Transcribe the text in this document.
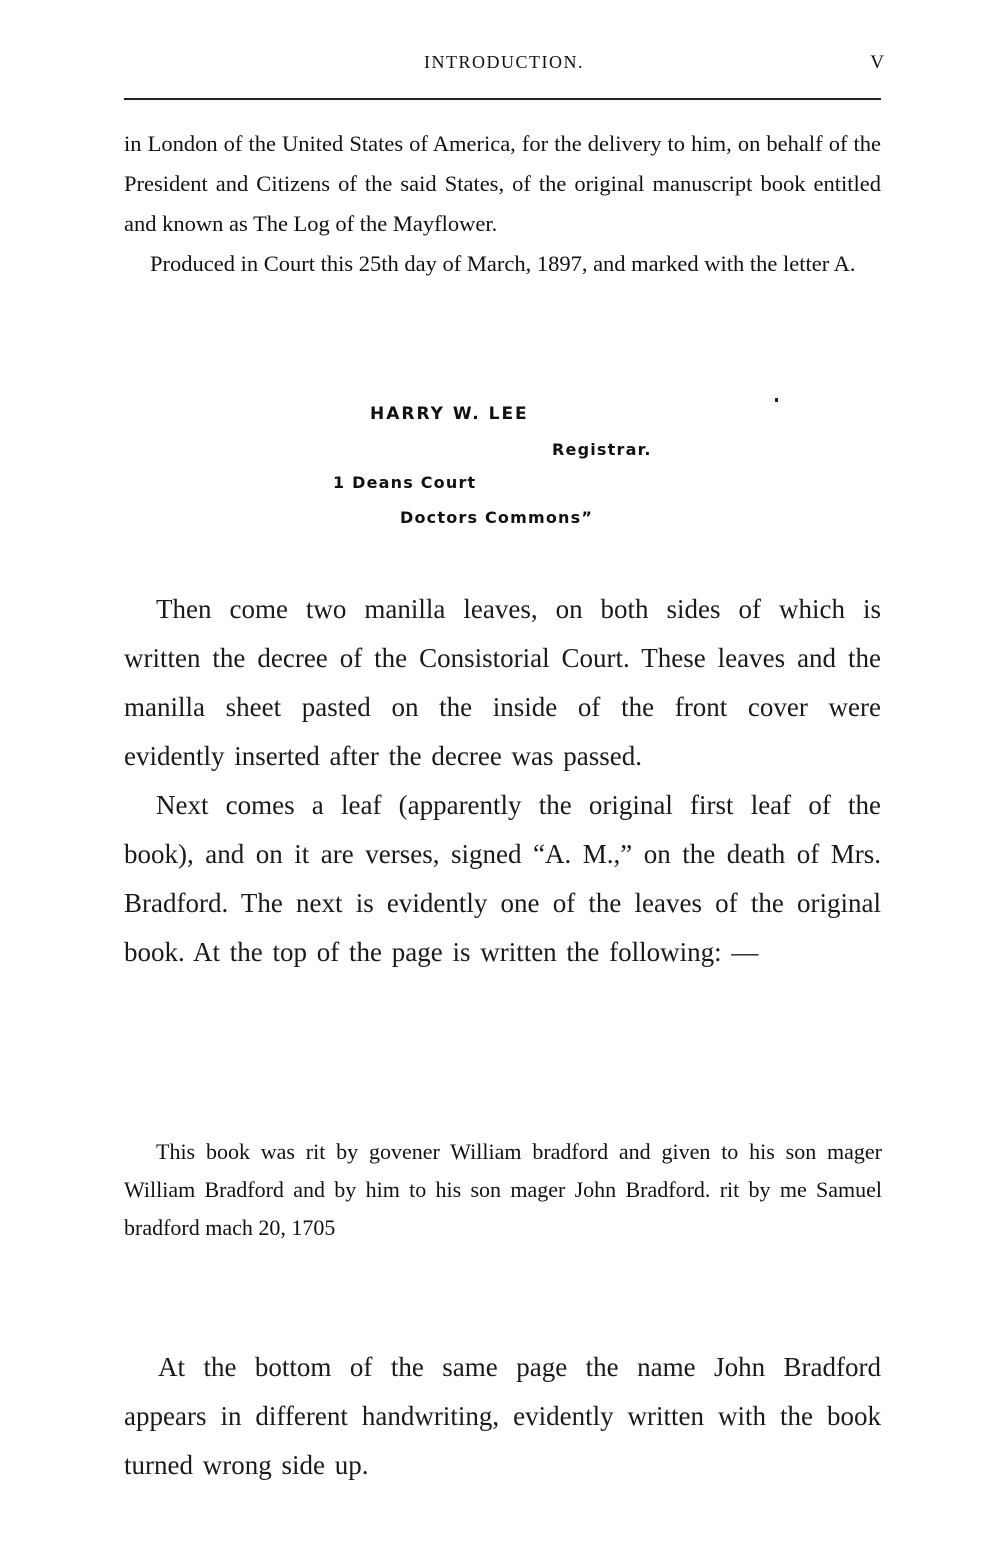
INTRODUCTION.	V

in London of the United States of America, for the delivery to him, on behalf of the President and Citizens of the said States, of the original manuscript book entitled and known as The Log of the Mayflower.

Produced in Court this 25th day of March, 1897, and marked with the letter A.

HARRY W. LEE
Registrar.
1 Deans Court
Doctors Commons”

Then come two manilla leaves, on both sides of which is written the decree of the Consistorial Court. These leaves and the manilla sheet pasted on the inside of the front cover were evidently inserted after the decree was passed.

Next comes a leaf (apparently the original first leaf of the book), and on it are verses, signed “A. M.,” on the death of Mrs. Bradford. The next is evidently one of the leaves of the original book. At the top of the page is written the following: —

This book was rit by govener William bradford and given to his son mager William Bradford and by him to his son mager John Bradford. rit by me Samuel bradford mach 20, 1705

At the bottom of the same page the name John Bradford appears in different handwriting, evidently written with the book turned wrong side up.
